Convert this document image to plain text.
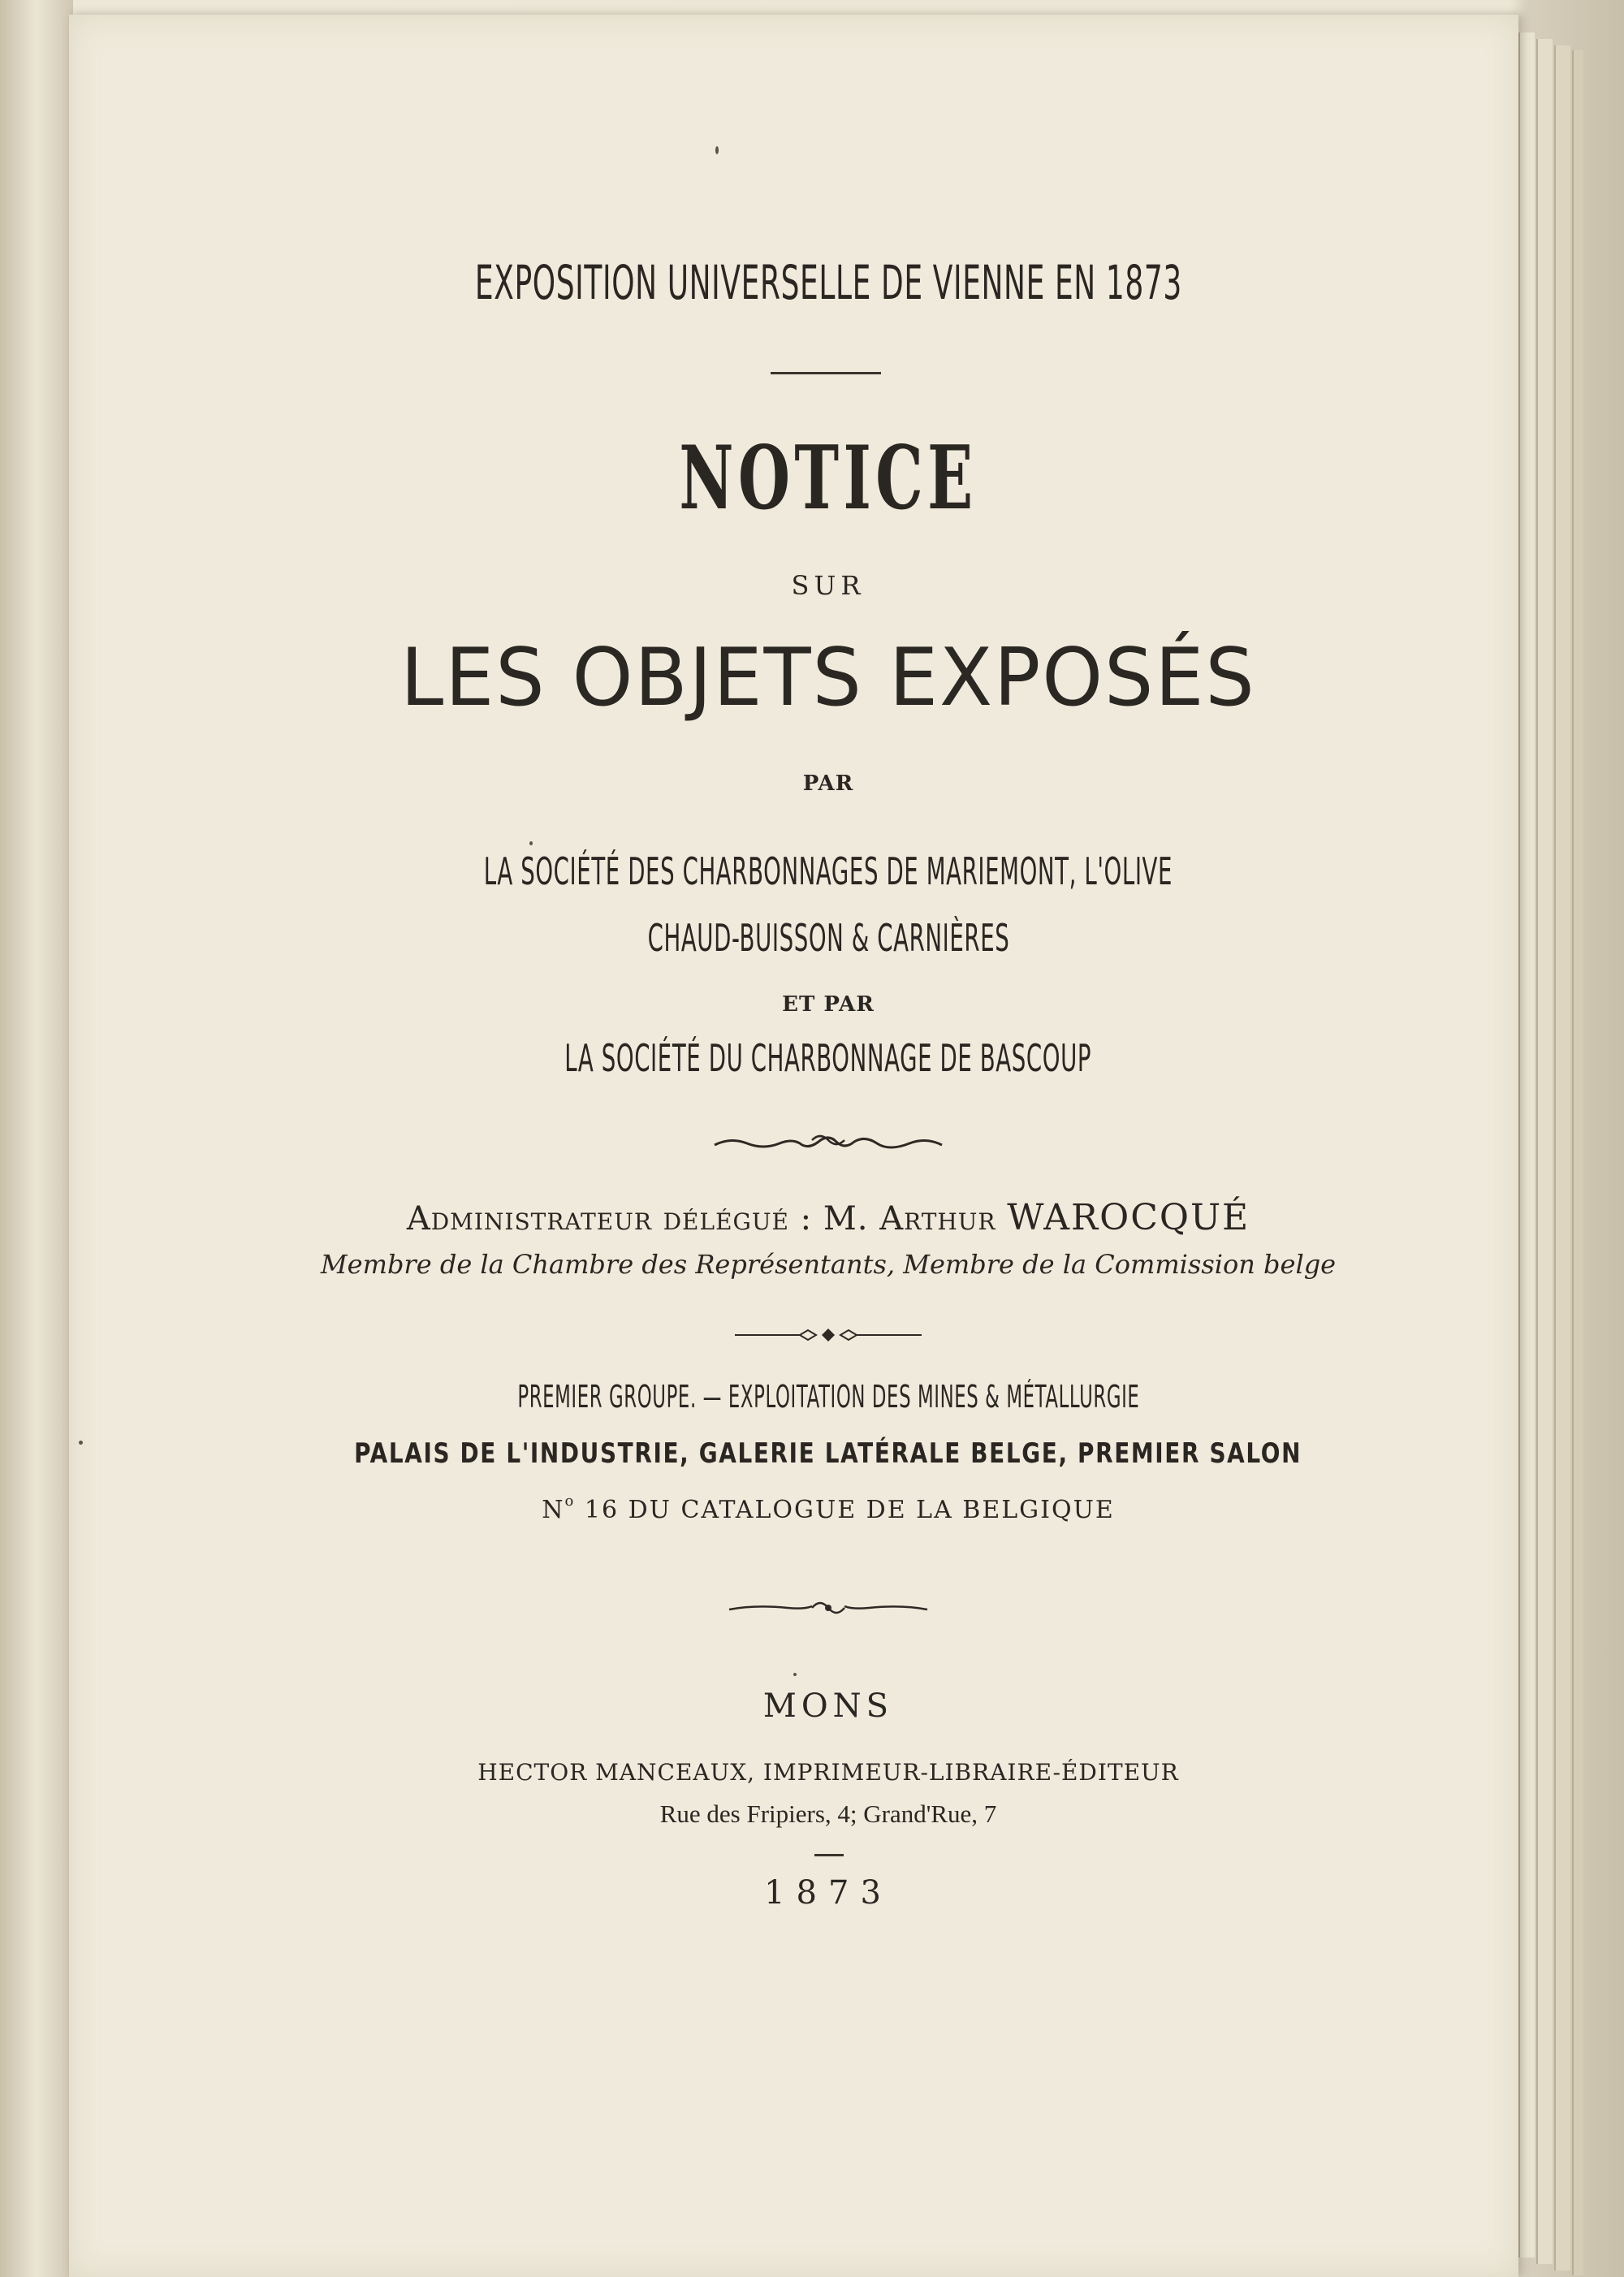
EXPOSITION UNIVERSELLE DE VIENNE EN 1873

NOTICE

SUR

LES OBJETS EXPOSÉS

PAR

LA SOCIÉTÉ DES CHARBONNAGES DE MARIEMONT, L'OLIVE

CHAUD-BUISSON & CARNIÈRES

ET PAR

LA SOCIÉTÉ DU CHARBONNAGE DE BASCOUP

Administrateur délégué : M. Arthur WAROCQUÉ

Membre de la Chambre des Représentants, Membre de la Commission belge

PREMIER GROUPE. — EXPLOITATION DES MINES & MÉTALLURGIE

PALAIS DE L'INDUSTRIE, GALERIE LATÉRALE BELGE, PREMIER SALON

$N^o$ 16 DU CATALOGUE DE LA BELGIQUE

MONS

HECTOR MANCEAUX, IMPRIMEUR-LIBRAIRE-ÉDITEUR

Rue des Fripiers, 4; Grand'Rue, 7

1873
